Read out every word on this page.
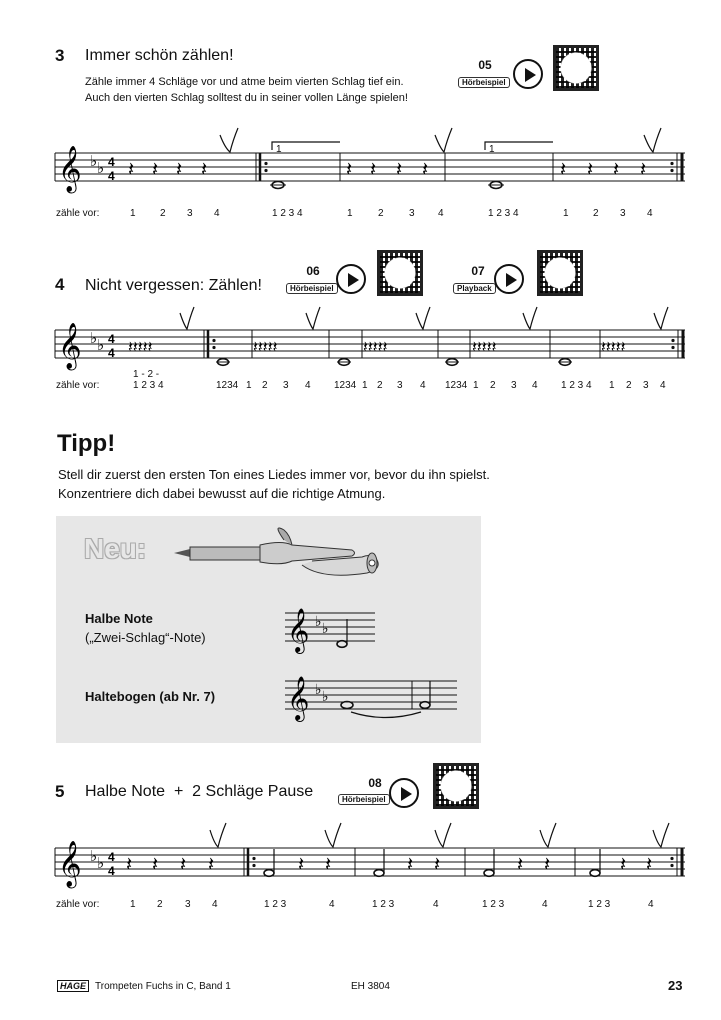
3 Immer schön zählen!
Zähle immer 4 Schläge vor und atme beim vierten Schlag tief ein.
Auch den vierten Schlag solltest du in seiner vollen Länge spielen!
05
Hörbeispiel
𝄞 ♭ ♭ 4
4 𝄽 𝄽 𝄽 𝄽	𝄽 𝄽 𝄽 𝄽	𝄽 𝄽 𝄽 𝄽
1	1
zähle vor:	1 2 3 4	1 2 3 4	1	2	3 4	1 2 3 4	1 2 3 4
4 Nicht vergessen: Zählen!
06
Hörbeispiel
07
Playback
𝄞 ♭ ♭ 4
4 𝄽𝄽𝄽𝄽𝄽	𝄽𝄽𝄽𝄽𝄽	𝄽𝄽𝄽𝄽𝄽	𝄽𝄽𝄽𝄽𝄽	𝄽𝄽𝄽𝄽𝄽
1 - 2 -
zähle vor:	1 2 3 4	1234 1 2 3 4 1234 1 2 3 4 1234 1 2 3 4 1 2 3 4 1 2 3 4
Tipp!
Stell dir zuerst den ersten Ton eines Liedes immer vor, bevor du ihn spielst.
Konzentriere dich dabei bewusst auf die richtige Atmung.
Neu:
Halbe Note
(„Zwei-Schlag“-Note)
Haltebogen (ab Nr. 7)
𝄞 ♭ ♭
𝄞 ♭ ♭
5 Halbe Note  +  2 Schläge Pause	08
Hörbeispiel
𝄞 ♭ ♭ 4
4 𝄽 𝄽 𝄽 𝄽	𝄽 𝄽	𝄽 𝄽	𝄽 𝄽	𝄽 𝄽
zähle vor:	1 2 3 4	1 2 3	4	1 2 3	4	1 2 3	4	1 2 3	4
HAGE Trompeten Fuchs in C, Band 1	EH 3804	23
